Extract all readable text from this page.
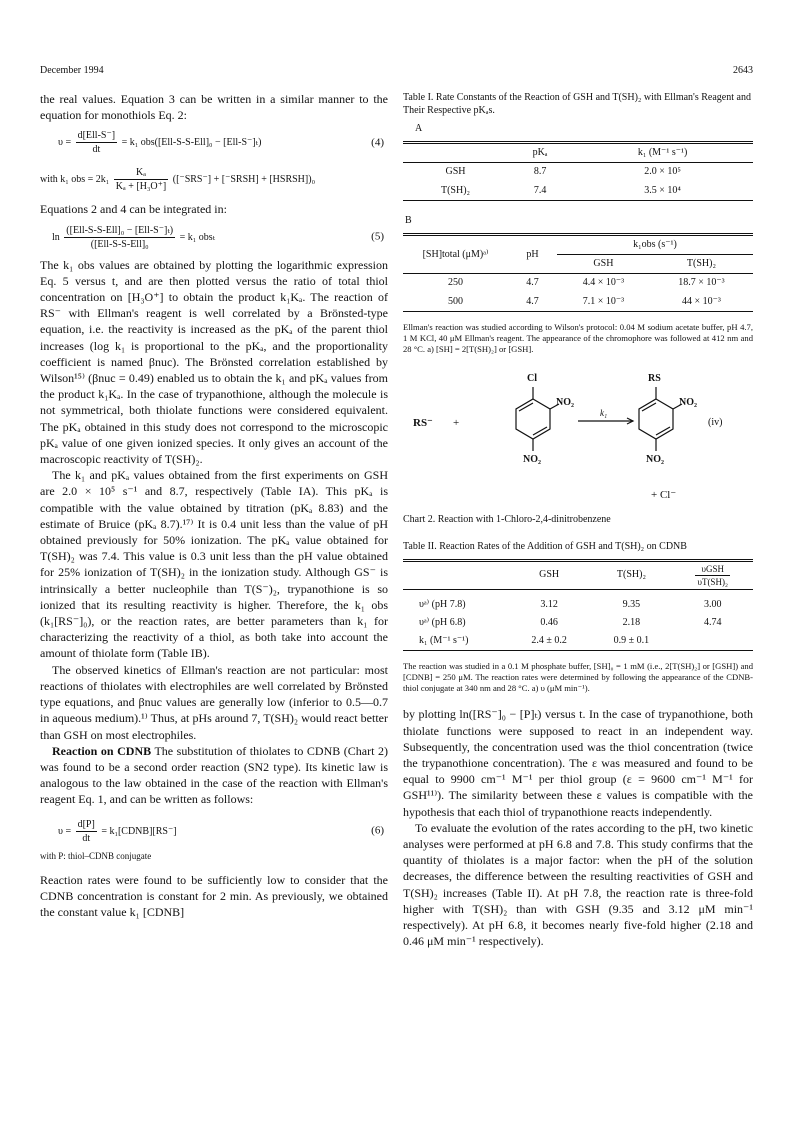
December 1994	2643

the real values. Equation 3 can be written in a similar manner to the equation for monothiols Eq. 2:

$\upsilon = \frac{\text{d[Ell-S⁻]}}{dt} = k_1$ obs([Ell-S-S-Ell]₀ − [Ell-S⁻]ₜ)	(4)
with k₁ obs = $2k_1 \frac{\text{Kₐ}}{\text{Kₐ + [H₃O⁺]}} ([^-SRS^-]$ + [⁻SRSH] + [HSRSH])₀

Equations 2 and 4 can be integrated in:

$\ln \frac{\text{([Ell-S-S-Ell]₀ − [Ell-S⁻]ₜ)}}{\text{([Ell-S-S-Ell]₀}} = k_1$ obsₜ	(5)

The k₁ obs values are obtained by plotting the logarithmic expression Eq. 5 versus t, and are then plotted versus the ratio of total thiol concentration on [H₃O⁺] to obtain the product k₁Kₐ. The reaction of RS⁻ with Ellman's reagent is well correlated by a Brönsted-type equation, i.e. the reactivity is increased as the pKₐ of the parent thiol increases (log k₁ is proportional to the pKₐ, and the proportionality coefficient is named βnuc). The Brönsted correlation established by Wilson¹⁵⁾ (βnuc = 0.49) enabled us to obtain the k₁ and pKₐ values from the product k₁Kₐ. In the case of trypanothione, although the molecule is not symmetrical, both thiolate functions were considered equivalent. The pKₐ obtained in this study does not correspond to the microscopic pKₐ value of one given ionized species. It only gives an account of the macroscopic reactivity of T(SH)₂.

The k₁ and pKₐ values obtained from the first experiments on GSH are 2.0 × 10⁵ s⁻¹ and 8.7, respectively (Table IA). This pKₐ is compatible with the value obtained by titration (pKₐ 8.83) and the estimate of Bruice (pKₐ 8.7).¹⁷⁾ It is 0.4 unit less than the value of pH obtained previously for 50% ionization. The pKₐ value obtained for T(SH)₂ was 7.4. This value is 0.3 unit less than the pH value obtained for 25% ionization of T(SH)₂ in the ionization study. Although GS⁻ is intrinsically a better nucleophile than T(S⁻)₂, trypanothione is so ionized that its resulting reactivity is higher. Therefore, the k₁ obs (k₁[RS⁻]₀), or the reaction rates, are better parameters than k₁ for characterizing the reactivity of a thiol, as both take into account the amount of thiolate form (Table IB).

The observed kinetics of Ellman's reaction are not particular: most reactions of thiolates with electrophiles are well correlated by Brönsted type equations, and βnuc values are generally low (inferior to 0.5—0.7 in aqueous medium).¹⁾ Thus, at pHs around 7, T(SH)₂ would react better than GSH on most electrophiles.

Reaction on CDNB The substitution of thiolates to CDNB (Chart 2) was found to be a second order reaction (SN2 type). Its kinetic law is analogous to the law obtained in the case of the reaction with Ellman's reagent Eq. 1, and can be written as follows:

$\upsilon = \frac{d[P]}{dt}$ = k₁[CDNB][RS⁻]	(6)
with P: thiol–CDNB conjugate

Reaction rates were found to be sufficiently low to consider that the CDNB concentration is constant for 2 min. As previously, we obtained the constant value k₁ [CDNB]

Table I. Rate Constants of the Reaction of GSH and T(SH)₂ with Ellman's Reagent and Their Respective pKₐs.
A
	pKₐ	k₁ (M⁻¹ s⁻¹)
GSH	8.7	2.0 × 10⁵
T(SH)₂	7.4	3.5 × 10⁴

B
[SH]total (μM)ᵃ⁾	pH	k₁obs (s⁻¹)	
		GSH	T(SH)₂
250	4.7	4.4 × 10⁻³	18.7 × 10⁻³
500	4.7	7.1 × 10⁻³	44 × 10⁻³

Ellman's reaction was studied according to Wilson's protocol: 0.04 M sodium acetate buffer, pH 4.7, 1 M KCl, 40 μM Ellman's reagent. The appearance of the chromophore was followed at 412 nm and 28 °C. a) [SH] = 2[T(SH)₂] or [GSH].
RS⁻ +
Cl
NO₂
NO₂
k₁
RS
NO₂
NO₂
(iv)
+ Cl⁻
Chart 2. Reaction with 1-Chloro-2,4-dinitrobenzene
Table II. Reaction Rates of the Addition of GSH and T(SH)₂ on CDNB
	GSH	T(SH)₂	υGSH
υT(SH)₂

υᵃ⁾ (pH 7.8)	3.12	9.35	3.00
υᵃ⁾ (pH 6.8)	0.46	2.18	4.74
k₁ (M⁻¹ s⁻¹)	2.4 ± 0.2	0.9 ± 0.1	

The reaction was studied in a 0.1 M phosphate buffer, [SH]₀ = 1 mM (i.e., 2[T(SH)₂] or [GSH]) and [CDNB] = 250 μM. The reaction rates were determined by following the appearance of the CDNB-thiol conjugate at 340 nm and 28 °C. a) υ (μM min⁻¹).

by plotting ln([RS⁻]₀ − [P]ₜ) versus t. In the case of trypanothione, both thiolate functions were supposed to react in an independent way. Subsequently, the concentration used was the thiol concentration (twice the trypanothione concentration). The ε was measured and found to be equal to 9900 cm⁻¹ M⁻¹ per thiol group (ε = 9600 cm⁻¹ M⁻¹ for GSH¹¹⁾). The similarity between these ε values is compatible with the hypothesis that each thiol of trypanothione reacts independently.

To evaluate the evolution of the rates according to the pH, two kinetic analyses were performed at pH 6.8 and 7.8. This study confirms that the quantity of thiolates is a major factor: when the pH of the solution decreases, the difference between the resulting reactivities of GSH and T(SH)₂ increases (Table II). At pH 7.8, the reaction rate is three-fold higher with T(SH)₂ than with GSH (9.35 and 3.12 μM min⁻¹ respectively). At pH 6.8, it becomes nearly five-fold higher (2.18 and 0.46 μM min⁻¹ respectively).
